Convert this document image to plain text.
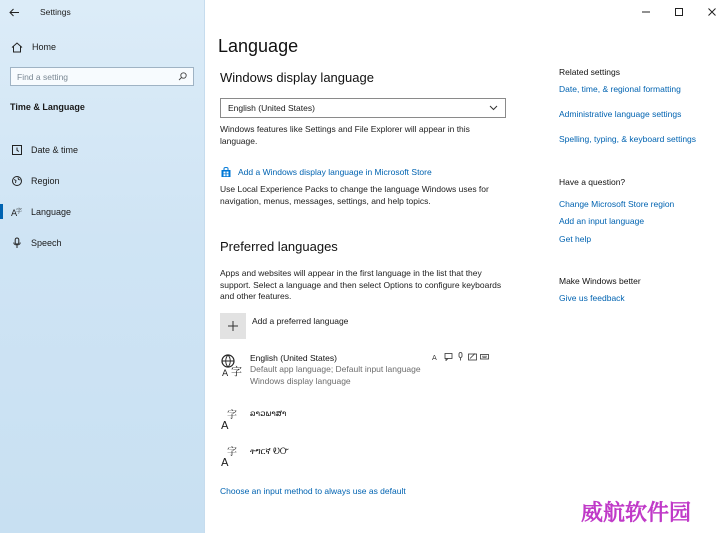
Settings
Home
Find a setting
Time & Language
Date & time
Region
A
字 Language
Speech
Language
Windows display language
English (United States)
Windows features like Settings and File Explorer will appear in this language.
Add a Windows display language in Microsoft Store
Use Local Experience Packs to change the language Windows uses for navigation, menus, messages, settings, and help topics.
Preferred languages
Apps and websites will appear in the first language in the list that they support. Select a language and then select Options to configure keyboards and other features.
Add a preferred language
字
A
English (United States)
Default app language; Default input language
Windows display language
A
字
A
ລາວພາສາ
字
A
ትግርኛ ᎧᏅ
Choose an input method to always use as default
Related settings
Date, time, & regional formatting
Administrative language settings
Spelling, typing, & keyboard settings
Have a question?
Change Microsoft Store region
Add an input language
Get help
Make Windows better
Give us feedback
威航软件园
